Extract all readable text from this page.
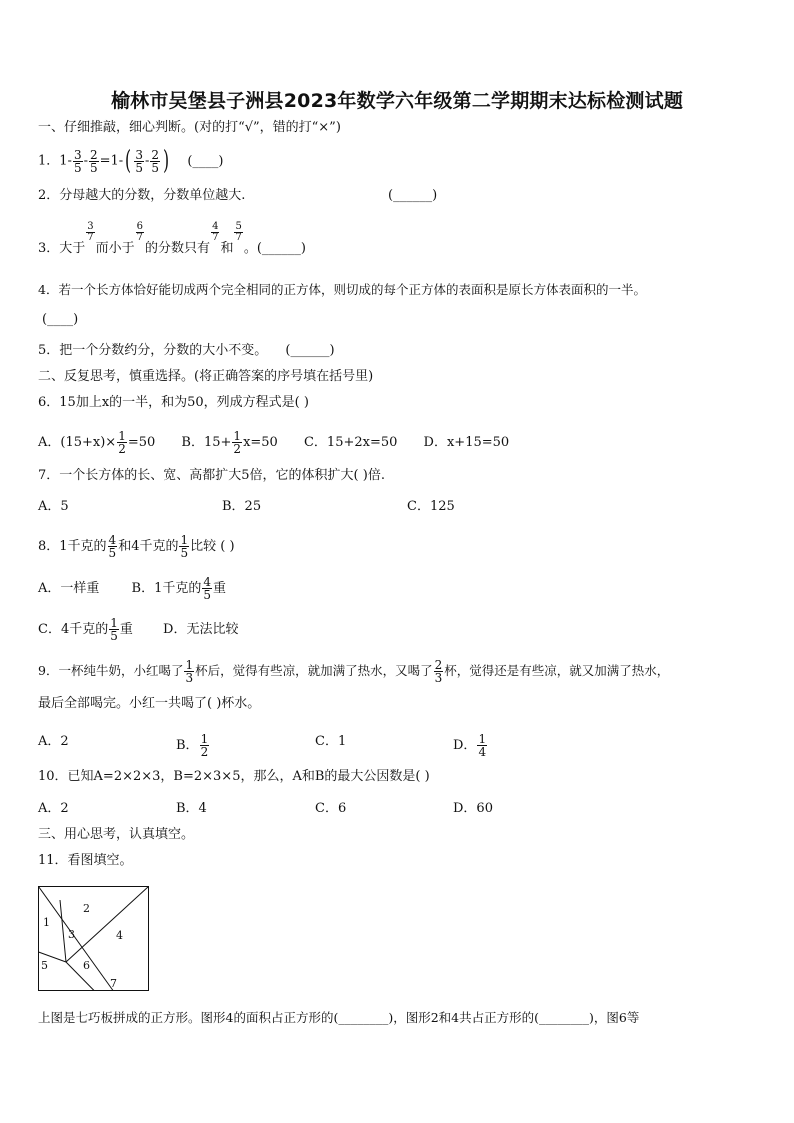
榆林市吴堡县子洲县2023年数学六年级第二学期期末达标检测试题
一、仔细推敲，细心判断。(对的打“√”，错的打“×”)
1．$1- \frac{3}{5} - \frac{2}{5} =1-( \frac{3}{5} - \frac{2}{5}$ ) (____)
2．分母越大的分数，分数单位越大.	(______)
3．大于
$\frac{3}{7}$
而小于
$\frac{6}{7}$
的分数只有
$\frac{4}{7}$
和
$\frac{5}{7}$
。(______)
4．若一个长方体恰好能切成两个完全相同的正方体，则切成的每个正方体的表面积是原长方体表面积的一半。
(____)
5．把一个分数约分，分数的大小不变。 (______)
二、反复思考，慎重选择。(将正确答案的序号填在括号里)
6．15加上x的一半，和为50，列成方程式是( )
A．$(15+x)\times \frac{1}{2} =50$ B．$15+ \frac{1}{2} x=50$ C．15+2x=50 D．x+15=50
7．一个长方体的长、宽、高都扩大5倍，它的体积扩大( )倍.
A．5	B．25	C．125
8．1千克的 $\frac{4}{5}$ 和4千克的 $\frac{1}{5}$ 比较 ( )
A．一样重 B．1千克的 $\frac{4}{5}$ 重
C．4千克的 $\frac{1}{5}$ 重 D．无法比较
9．一杯纯牛奶，小红喝了 $\frac{1}{3}$ 杯后，觉得有些凉，就加满了热水，又喝了 $\frac{2}{3}$ 杯，觉得还是有些凉，就又加满了热水，
最后全部喝完。小红一共喝了( )杯水。
A．2	B． $\frac{1}{2}$	C．1	D． $\frac{1}{4}$
10．已知A=2×2×3，B=2×3×5，那么，A和B的最大公因数是( )
A．2	B．4	C．6	D．60
三、用心思考，认真填空。
11．看图填空。
1
2
3	4
5	6
7
上图是七巧板拼成的正方形。图形4的面积占正方形的(________)，图形2和4共占正方形的(________)，图6等
